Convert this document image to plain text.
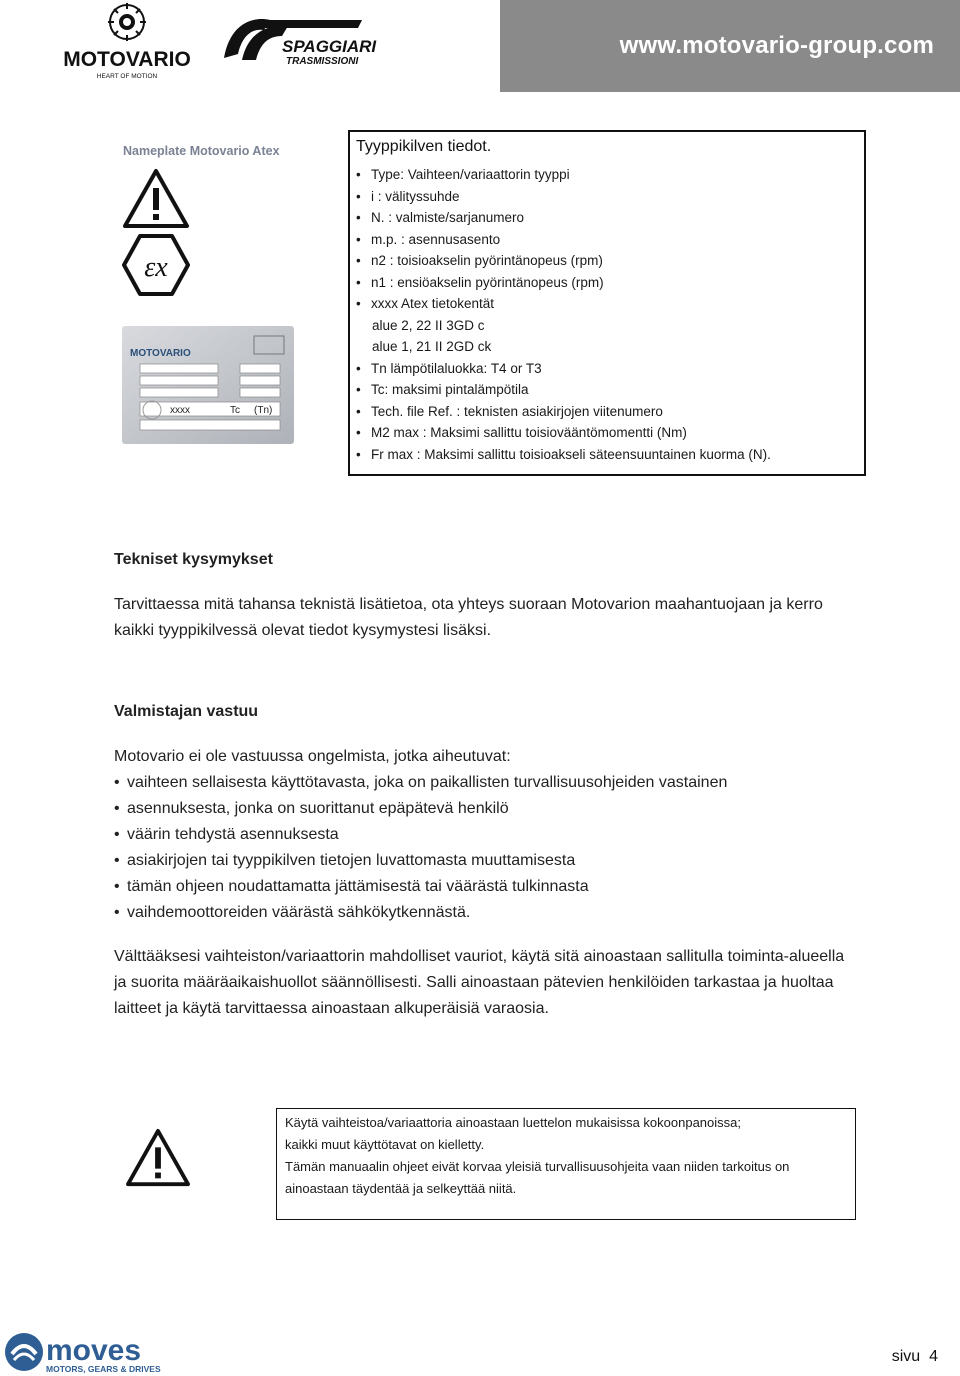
www.motovario-group.com
MOTOVARIO
HEART OF MOTION
SPAGGIARI
TRASMISSIONI
Nameplate Motovario Atex
εx
MOTOVARIO
xxxx	Tc (Tn)
Tyyppikilven tiedot.
• Type: Vaihteen/variaattorin tyyppi
• i : välityssuhde
• N. : valmiste/sarjanumero
• m.p. : asennusasento
• n2 : toisioakselin pyörintänopeus (rpm)
• n1 : ensiöakselin pyörintänopeus (rpm)
• xxxx Atex tietokentät
alue 2, 22 II 3GD c
alue 1, 21 II 2GD ck
• Tn lämpötilaluokka: T4 or T3
• Tc: maksimi pintalämpötila
• Tech. file Ref. : teknisten asiakirjojen viitenumero
• M2 max : Maksimi sallittu toisiovääntömomentti (Nm)
• Fr max : Maksimi sallittu toisioakseli säteensuuntainen kuorma (N).
Tekniset kysymykset
Tarvittaessa mitä tahansa teknistä lisätietoa, ota yhteys suoraan Motovarion maahantuojaan ja kerro
kaikki tyyppikilvessä olevat tiedot kysymystesi lisäksi.
Valmistajan vastuu
Motovario ei ole vastuussa ongelmista, jotka aiheutuvat:
• vaihteen sellaisesta käyttötavasta, joka on paikallisten turvallisuusohjeiden vastainen
• asennuksesta, jonka on suorittanut epäpätevä henkilö
• väärin tehdystä asennuksesta
• asiakirjojen tai tyyppikilven tietojen luvattomasta muuttamisesta
• tämän ohjeen noudattamatta jättämisestä tai väärästä tulkinnasta
• vaihdemoottoreiden väärästä sähkökytkennästä.
Välttääksesi vaihteiston/variaattorin mahdolliset vauriot, käytä sitä ainoastaan sallitulla toiminta-alueella
ja suorita määräaikaishuollot säännöllisesti. Salli ainoastaan pätevien henkilöiden tarkastaa ja huoltaa
laitteet ja käytä tarvittaessa ainoastaan alkuperäisiä varaosia.
Käytä vaihteistoa/variaattoria ainoastaan luettelon mukaisissa kokoonpanoissa;
kaikki muut käyttötavat on kielletty.
Tämän manuaalin ohjeet eivät korvaa yleisiä turvallisuusohjeita vaan niiden tarkoitus on
ainoastaan täydentää ja selkeyttää niitä.
moves
MOTORS, GEARS & DRIVES
sivu 4
